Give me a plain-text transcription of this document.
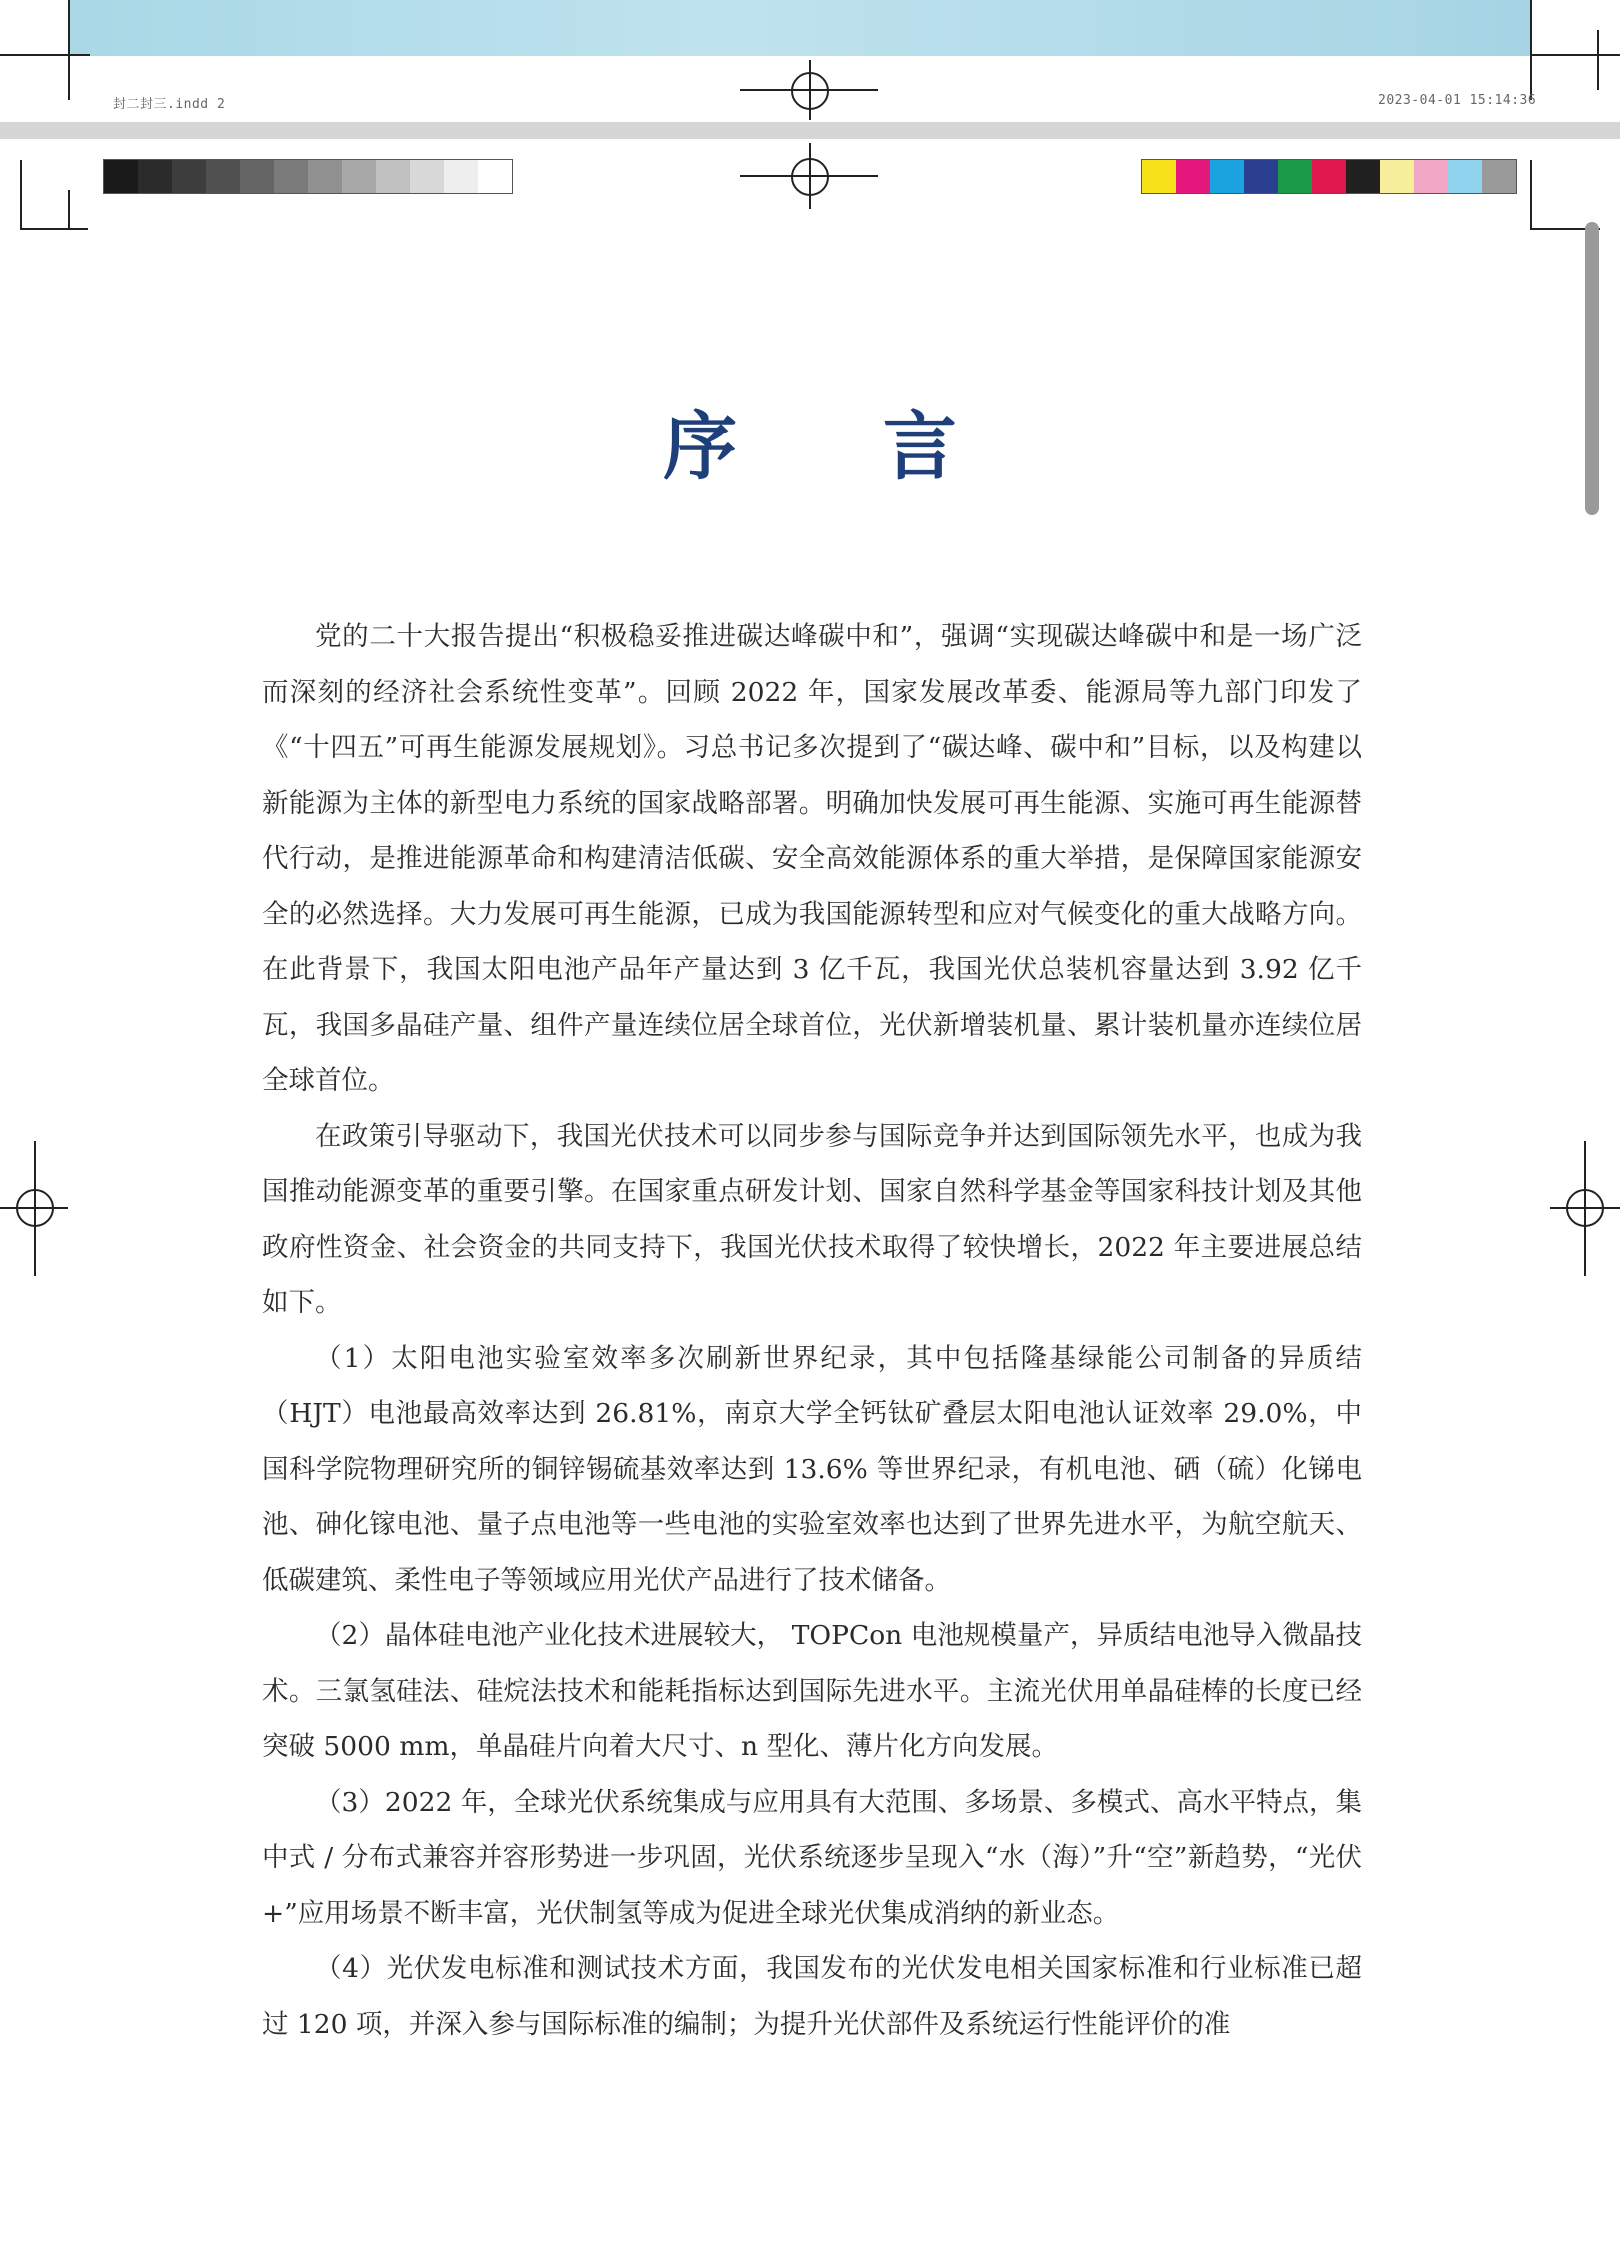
封二封三.indd 2	2023-04-01 15:14:36
序 言

党的二十大报告提出“积极稳妥推进碳达峰碳中和”，强调“实现碳达峰碳中和是一场广泛而深刻的经济社会系统性变革”。回顾 2022 年，国家发展改革委、能源局等九部门印发了《“十四五”可再生能源发展规划》。习总书记多次提到了“碳达峰、碳中和”目标，以及构建以新能源为主体的新型电力系统的国家战略部署。明确加快发展可再生能源、实施可再生能源替代行动，是推进能源革命和构建清洁低碳、安全高效能源体系的重大举措，是保障国家能源安全的必然选择。大力发展可再生能源，已成为我国能源转型和应对气候变化的重大战略方向。在此背景下，我国太阳电池产品年产量达到 3 亿千瓦，我国光伏总装机容量达到 3.92 亿千瓦，我国多晶硅产量、组件产量连续位居全球首位，光伏新增装机量、累计装机量亦连续位居全球首位。

在政策引导驱动下，我国光伏技术可以同步参与国际竞争并达到国际领先水平，也成为我国推动能源变革的重要引擎。在国家重点研发计划、国家自然科学基金等国家科技计划及其他政府性资金、社会资金的共同支持下，我国光伏技术取得了较快增长，2022 年主要进展总结如下。

（1）太阳电池实验室效率多次刷新世界纪录，其中包括隆基绿能公司制备的异质结（HJT）电池最高效率达到 26.81%，南京大学全钙钛矿叠层太阳电池认证效率 29.0%，中国科学院物理研究所的铜锌锡硫基效率达到 13.6% 等世界纪录，有机电池、硒（硫）化锑电池、砷化镓电池、量子点电池等一些电池的实验室效率也达到了世界先进水平，为航空航天、低碳建筑、柔性电子等领域应用光伏产品进行了技术储备。

（2）晶体硅电池产业化技术进展较大， TOPCon 电池规模量产，异质结电池导入微晶技术。三氯氢硅法、硅烷法技术和能耗指标达到国际先进水平。主流光伏用单晶硅棒的长度已经突破 5000 mm，单晶硅片向着大尺寸、n 型化、薄片化方向发展。

（3）2022 年，全球光伏系统集成与应用具有大范围、多场景、多模式、高水平特点，集中式 / 分布式兼容并容形势进一步巩固，光伏系统逐步呈现入“水（海）”升“空”新趋势，“光伏 +”应用场景不断丰富，光伏制氢等成为促进全球光伏集成消纳的新业态。

（4）光伏发电标准和测试技术方面，我国发布的光伏发电相关国家标准和行业标准已超过 120 项，并深入参与国际标准的编制；为提升光伏部件及系统运行性能评价的准
